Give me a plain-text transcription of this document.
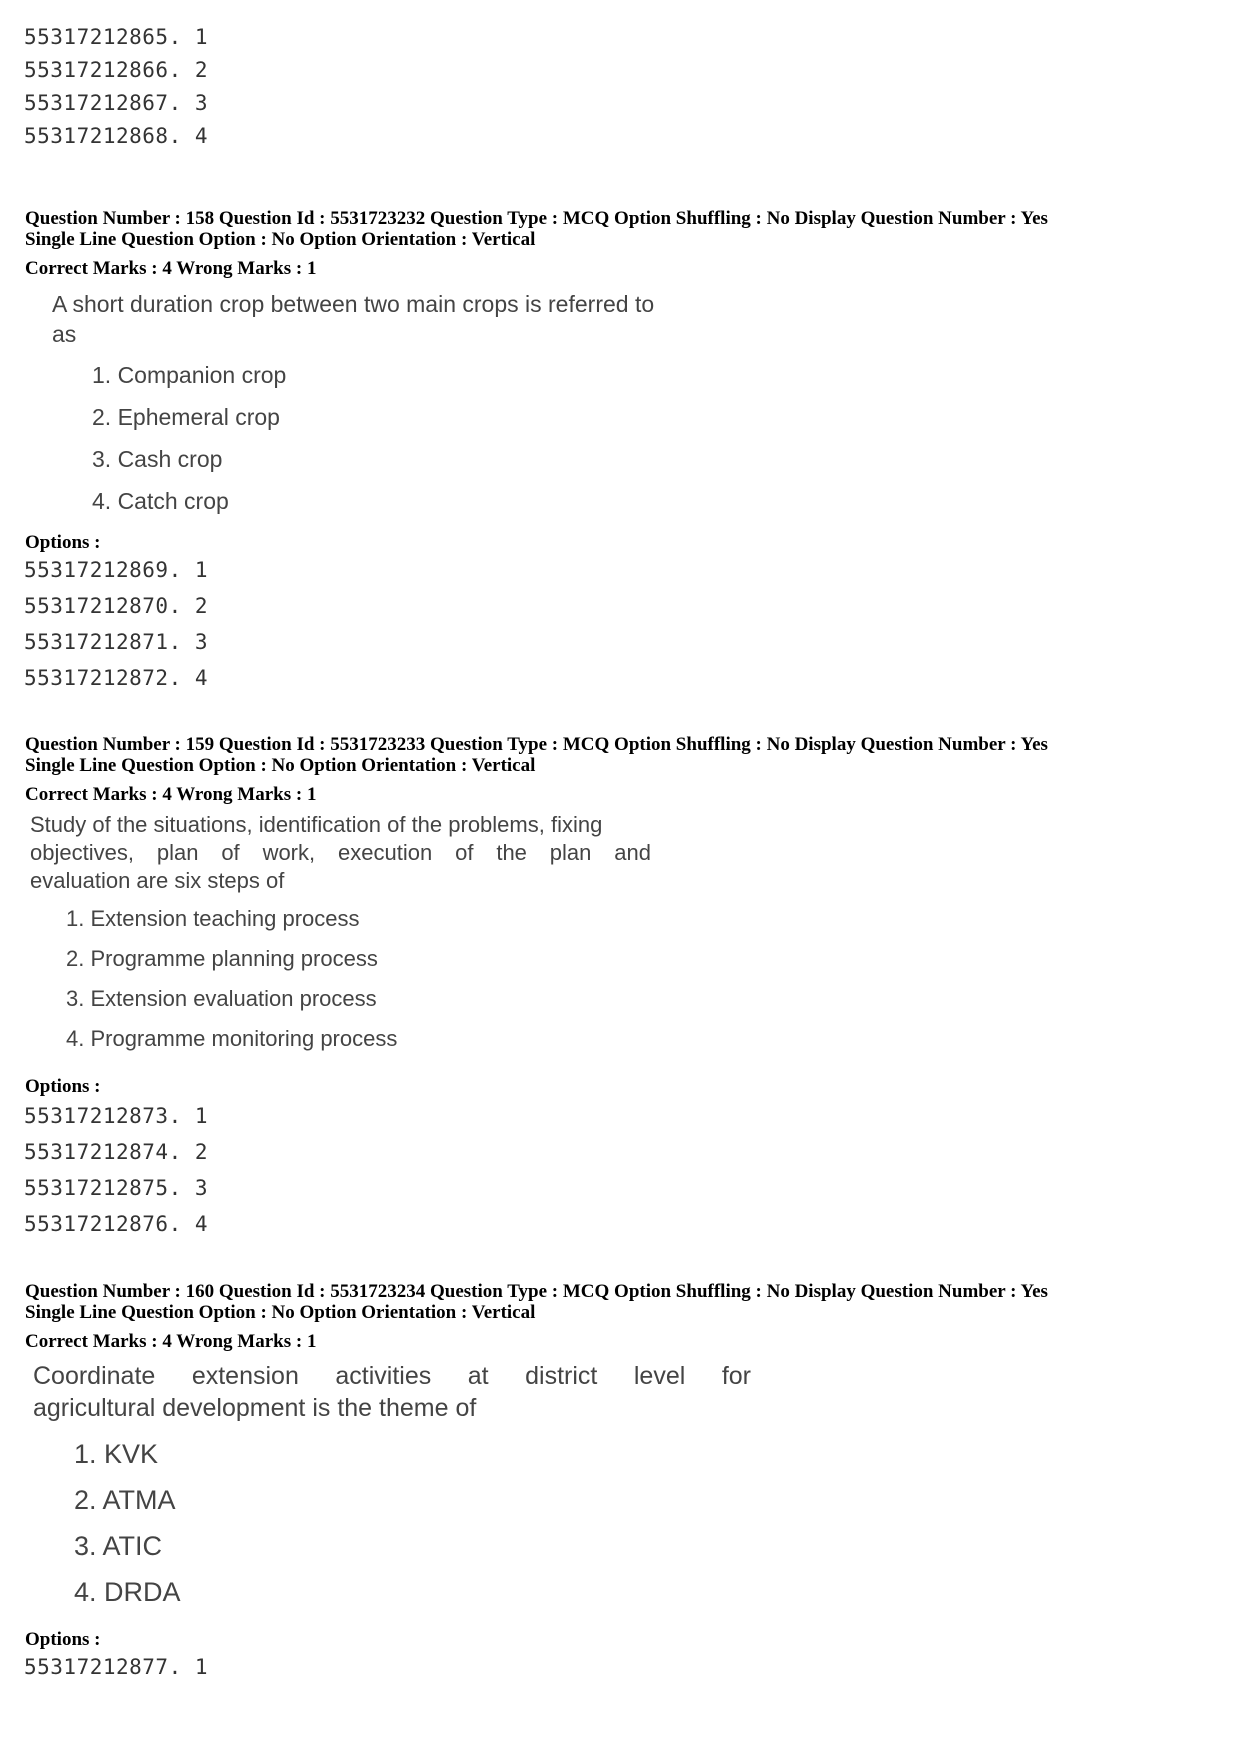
55317212865. 1
55317212866. 2
55317212867. 3
55317212868. 4
Question Number : 158 Question Id : 5531723232 Question Type : MCQ Option Shuffling : No Display Question Number : Yes
Single Line Question Option : No Option Orientation : Vertical
Correct Marks : 4 Wrong Marks : 1
A short duration crop between two main crops is referred to
as
1. Companion crop
2. Ephemeral crop
3. Cash crop
4. Catch crop
Options :
55317212869. 1
55317212870. 2
55317212871. 3
55317212872. 4
Question Number : 159 Question Id : 5531723233 Question Type : MCQ Option Shuffling : No Display Question Number : Yes
Single Line Question Option : No Option Orientation : Vertical
Correct Marks : 4 Wrong Marks : 1
Study of the situations, identification of the problems, fixing
objectives, plan of work, execution of the plan and
evaluation are six steps of
1. Extension teaching process
2. Programme planning process
3. Extension evaluation process
4. Programme monitoring process
Options :
55317212873. 1
55317212874. 2
55317212875. 3
55317212876. 4
Question Number : 160 Question Id : 5531723234 Question Type : MCQ Option Shuffling : No Display Question Number : Yes
Single Line Question Option : No Option Orientation : Vertical
Correct Marks : 4 Wrong Marks : 1
Coordinate extension activities at district level for
agricultural development is the theme of
1. KVK
2. ATMA
3. ATIC
4. DRDA
Options :
55317212877. 1
